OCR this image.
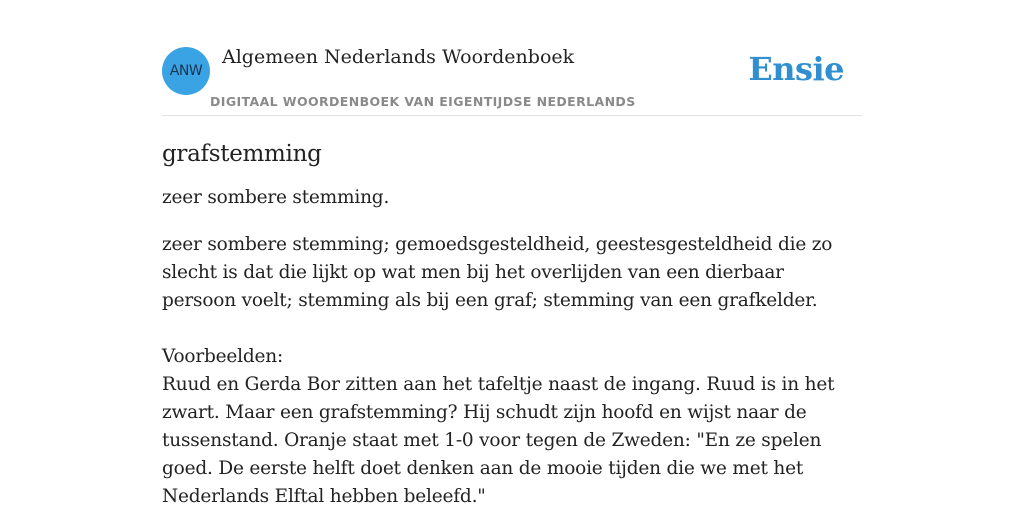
ANW
Algemeen Nederlands Woordenboek
DIGITAAL WOORDENBOEK VAN EIGENTIJDSE NEDERLANDS
Ensie
grafstemming

zeer sombere stemming.

zeer sombere stemming; gemoedsgesteldheid, geestesgesteldheid die zo slecht is dat die lijkt op wat men bij het overlijden van een dierbaar persoon voelt; stemming als bij een graf; stemming van een grafkelder.

Voorbeelden:
Ruud en Gerda Bor zitten aan het tafeltje naast de ingang. Ruud is in het zwart. Maar een grafstemming? Hij schudt zijn hoofd en wijst naar de tussenstand. Oranje staat met 1-0 voor tegen de Zweden: "En ze spelen goed. De eerste helft doet denken aan de mooie tijden die we met het Nederlands Elftal hebben beleefd."
